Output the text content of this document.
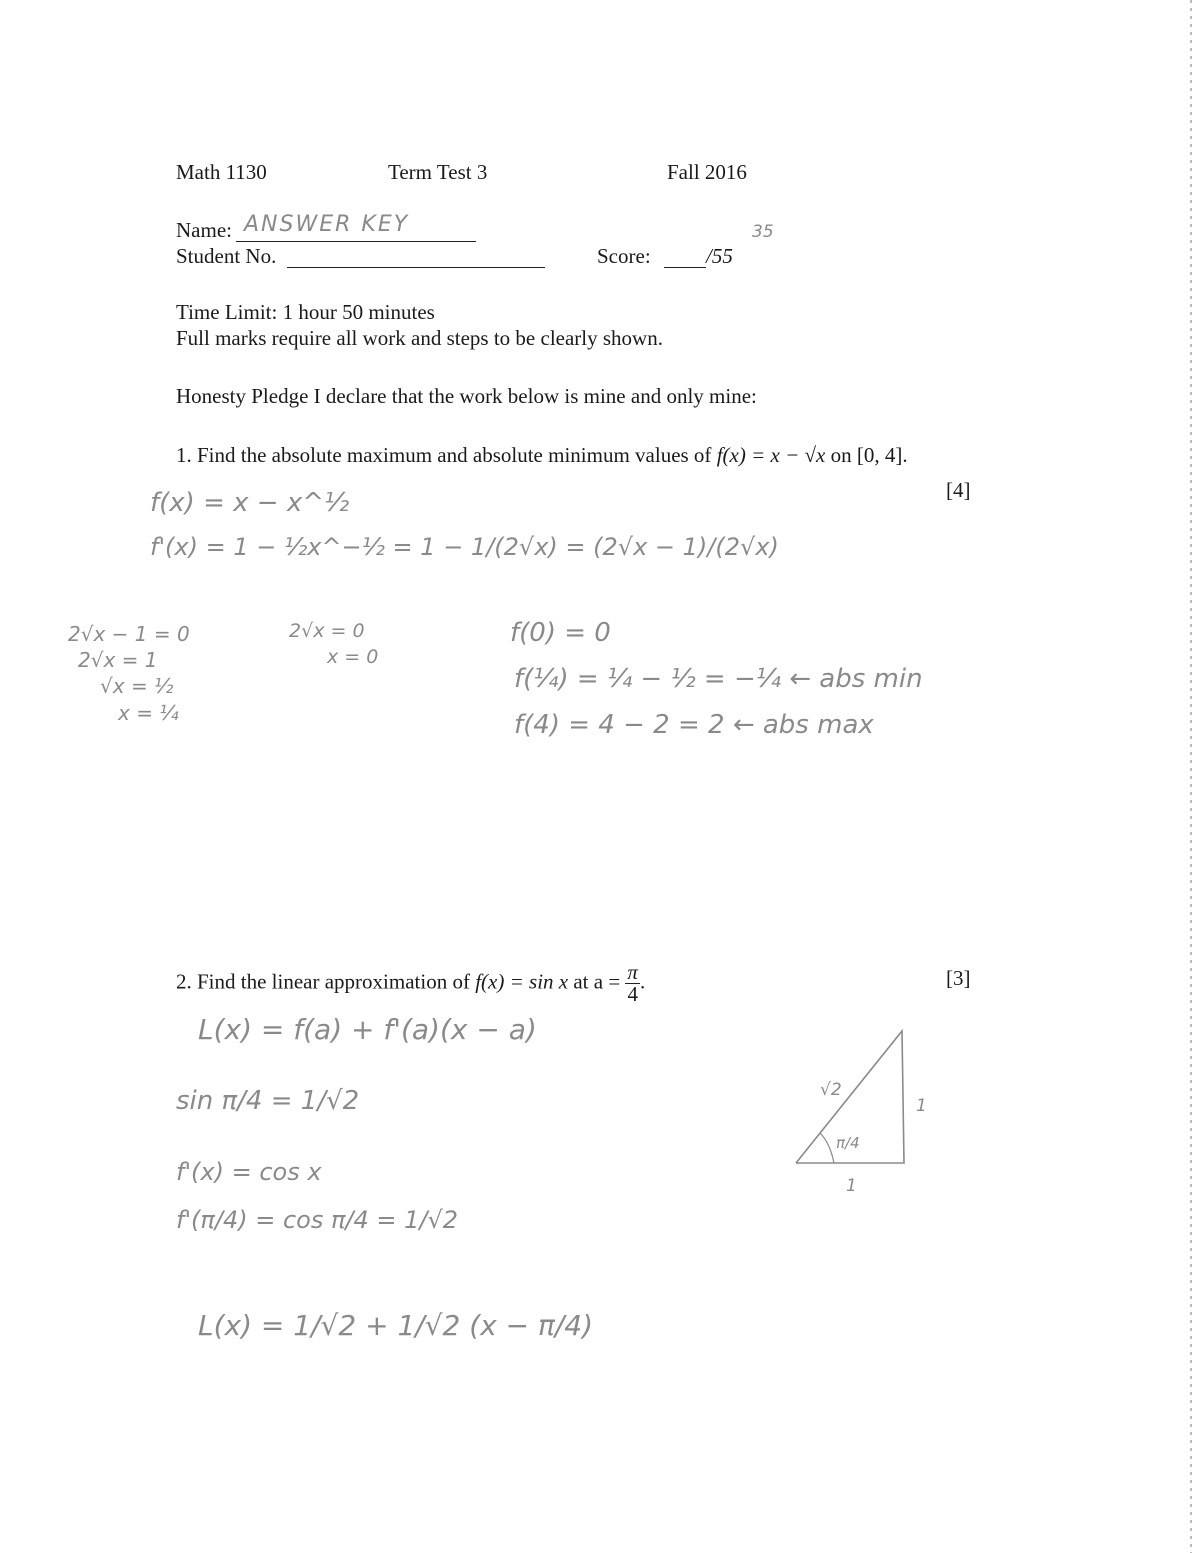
Math 1130	Term Test 3	Fall 2016
Name: ANSWER KEY
Student No.	Score:	/55
35
Time Limit: 1 hour 50 minutes
Full marks require all work and steps to be clearly shown.
Honesty Pledge I declare that the work below is mine and only mine:
1. Find the absolute maximum and absolute minimum values of f(x) = x − √x on [0, 4].
[4]
f(x) = x − x^½
f'(x) = 1 − ½x^−½ = 1 − 1/(2√x) = (2√x − 1)/(2√x)
2√x − 1 = 0
2√x = 1
√x = ½
x = ¼
2√x = 0
x = 0
f(0) = 0
f(¼) = ¼ − ½ = −¼ ← abs min
f(4) = 4 − 2 = 2 ← abs max
2. Find the linear approximation of f(x) = sin x at $a = \frac{\pi}{4}$ .	[3]
L(x) = f(a) + f'(a)(x − a)
sin π/4 = 1/√2
f'(x) = cos x
f'(π/4) = cos π/4 = 1/√2
L(x) = 1/√2 + 1/√2 (x − π/4)
√2
π/4
1
1
